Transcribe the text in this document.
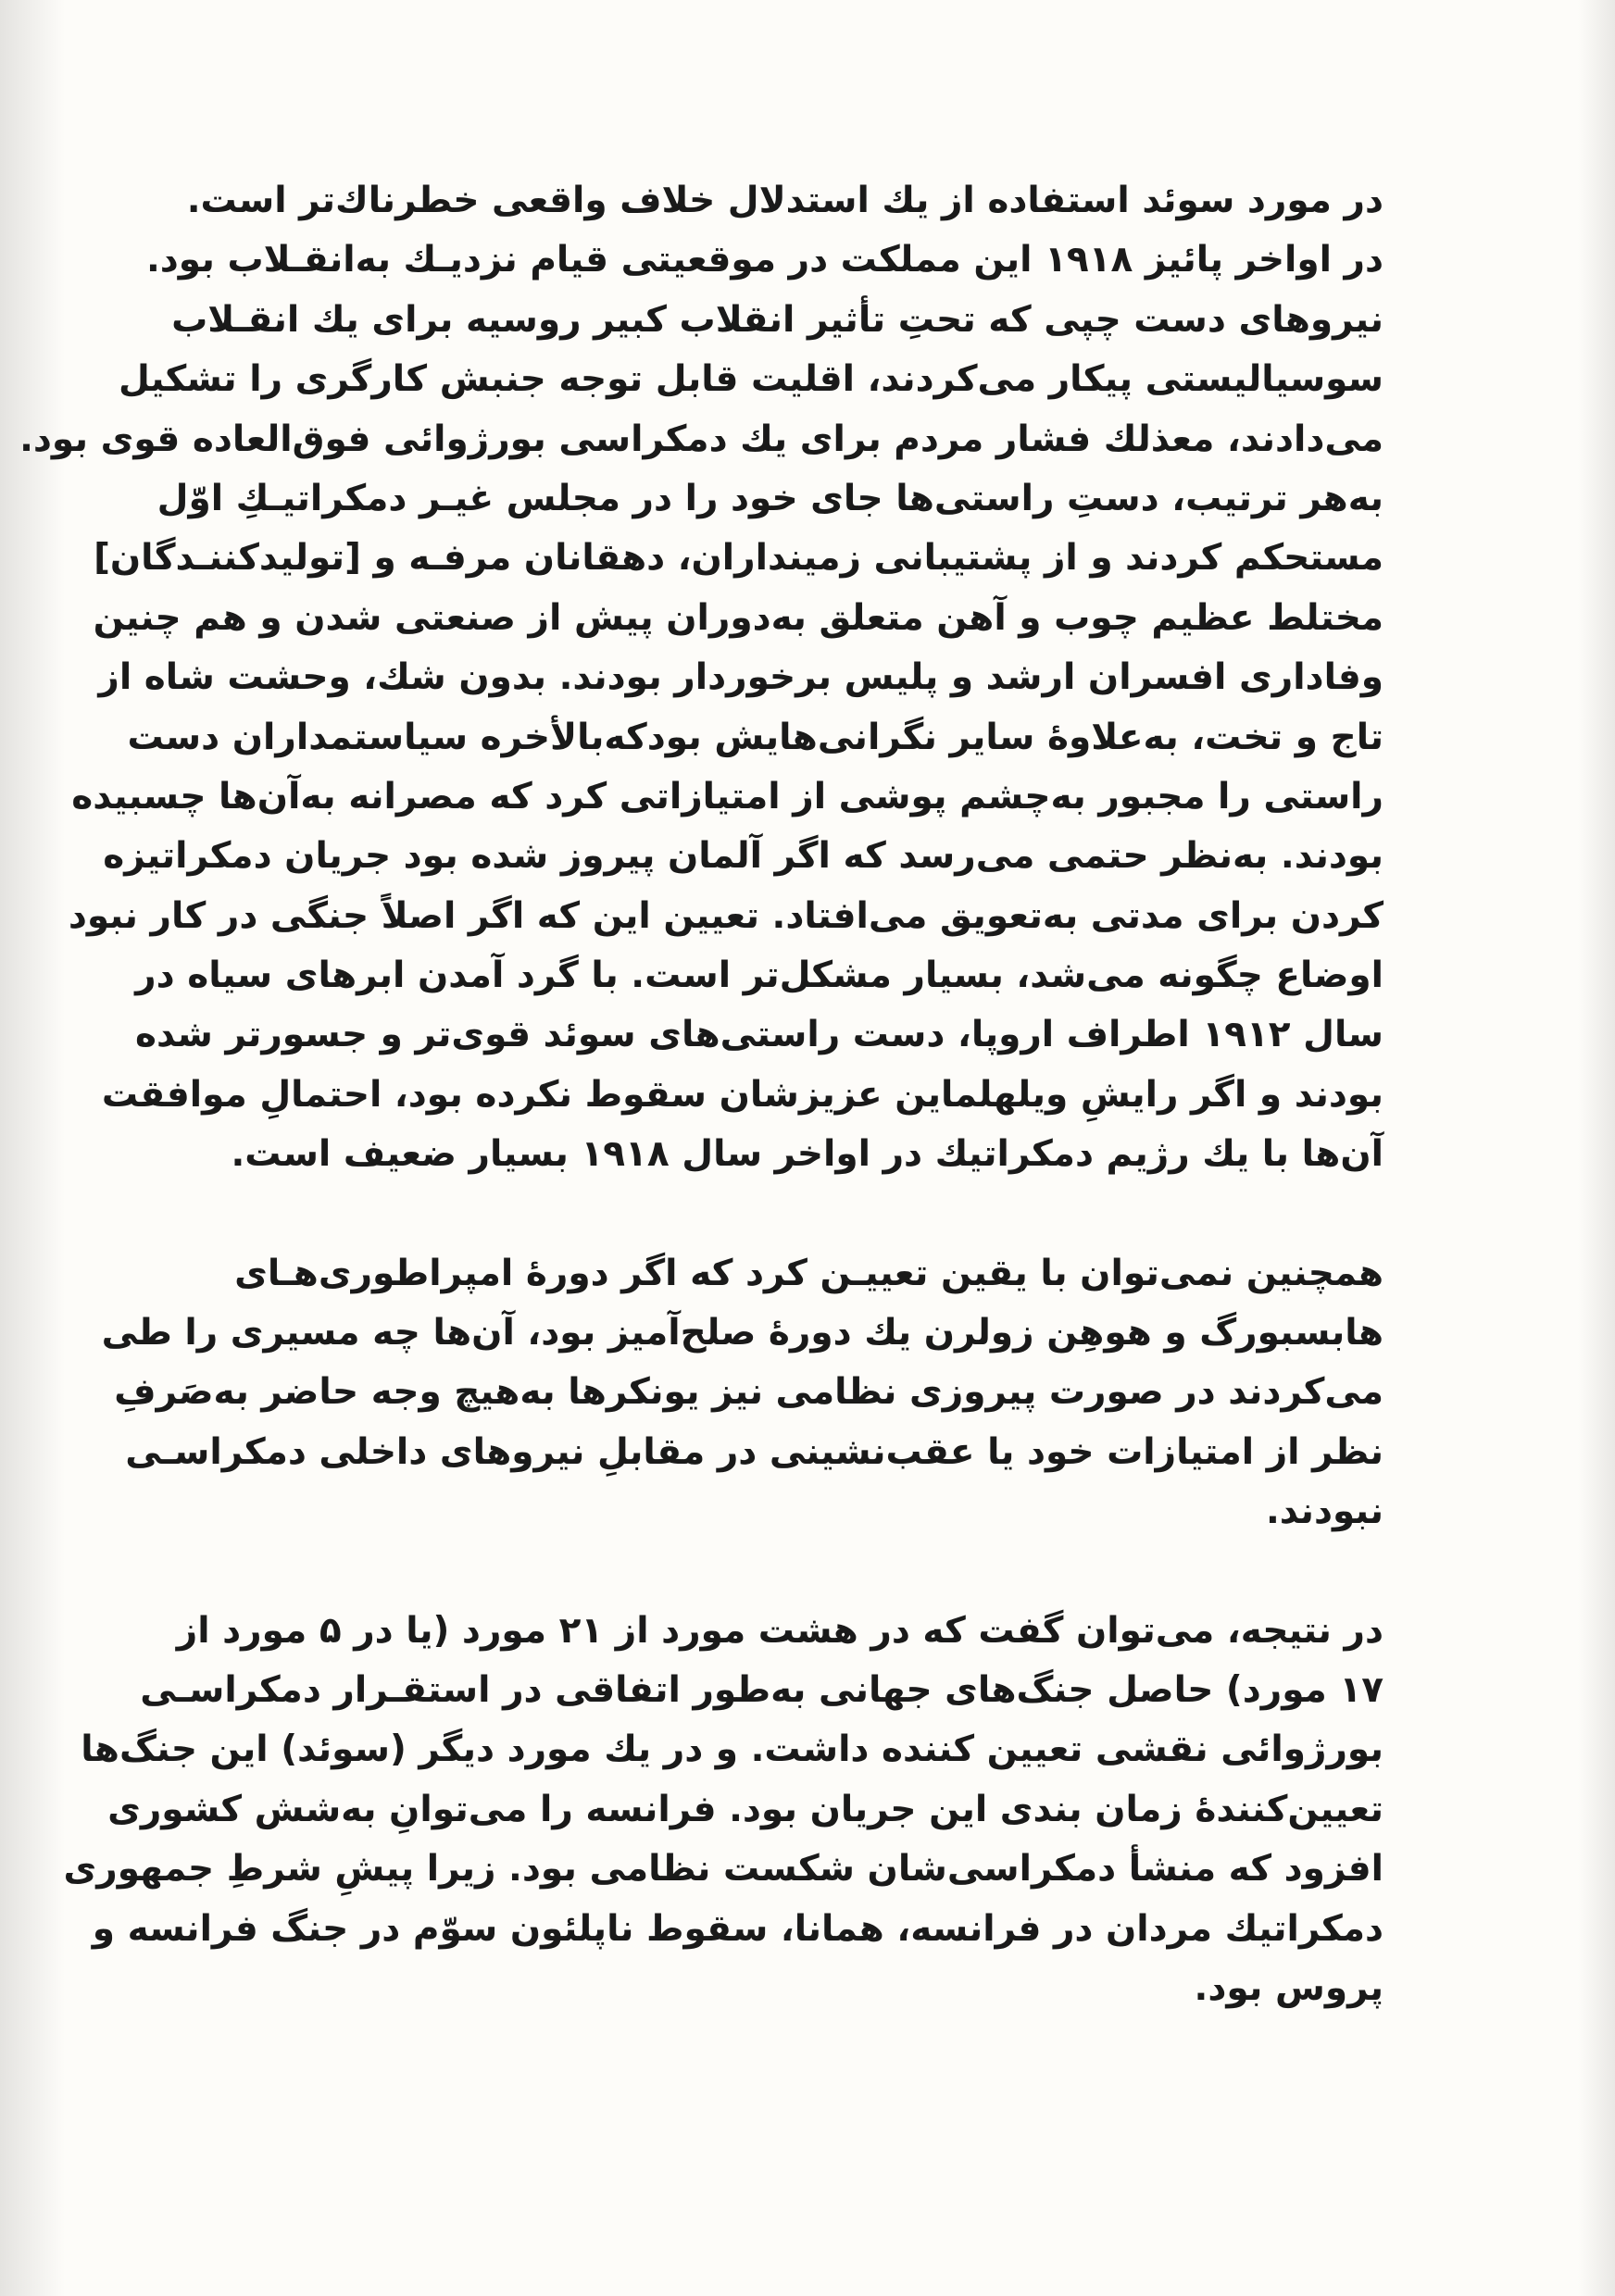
در مورد سوئد استفاده از یك استدلال خلاف واقعی خطرناك‌تر است.
در اواخر پائیز ۱۹۱۸ این مملکت در موقعیتی قیام نزدیـك به‌انقـلاب بود.
نیروهای دست چپی که تحتِ تأثیر انقلاب کبیر روسیه برای یك انقـلاب
سوسیالیستی پیکار می‌کردند، اقلیت قابل توجه جنبش کارگری را تشکیل
می‌دادند، معذلك فشار مردم برای یك دمکراسی بورژوائی فوق‌العاده قوی بود.
به‌هر ترتیب، دستِ راستی‌ها جای خود را در مجلس غیـر دمکراتیـكِ اوّل
مستحکم کردند و از پشتیبانی زمینداران، دهقانان مرفـه و [تولیدکننـدگان]
مختلط عظیم چوب و آهن متعلق به‌دوران پیش از صنعتی شدن و هم چنین
وفاداری افسران ارشد و پلیس برخوردار بودند. بدون شك، وحشت شاه از
تاج و تخت، به‌علاوهٔ سایر نگرانی‌هایش بودکه‌بالأخره سیاستمداران دست
راستی را مجبور به‌چشم پوشی از امتیازاتی کرد که مصرانه به‌آن‌ها چسبیده
بودند. به‌نظر حتمی می‌رسد که اگر آلمان پیروز شده بود جریان دمکراتیزه
کردن برای مدتی به‌تعویق می‌افتاد. تعیین این که اگر اصلاً جنگی در کار نبود
اوضاع چگونه می‌شد، بسیار مشکل‌تر است. با گرد آمدن ابرهای سیاه در
سال ۱۹۱۲ اطراف اروپا، دست راستی‌های سوئد قوی‌تر و جسورتر شده
بودند و اگر رایشِ ویلهلماین عزیزشان سقوط نکرده بود، احتمالِ موافقت
آن‌ها با یك رژیم دمکراتیك در اواخر سال ۱۹۱۸ بسیار ضعیف است.
همچنین نمی‌توان با یقین تعییـن کرد که اگر دورهٔ امپراطوری‌هـای
هابسبورگ و هوهِن زولرن یك دورهٔ صلح‌آمیز بود، آن‌ها چه مسیری را طی
می‌کردند در صورت پیروزی نظامی نیز یونکرها به‌هیچ وجه حاضر به‌صَرفِ
نظر از امتیازات خود یا عقب‌نشینی در مقابلِ نیروهای داخلی دمکراسـی
نبودند.
در نتیجه، می‌توان گفت که در هشت مورد از ۲۱ مورد (یا در ۵ مورد از
۱۷ مورد) حاصل جنگ‌های جهانی به‌طور اتفاقی در استقـرار دمکراسـی
بورژوائی نقشی تعیین کننده داشت. و در یك مورد دیگر (سوئد) این جنگ‌ها
تعیین‌کنندهٔ زمان بندی این جریان بود. فرانسه را می‌توانِ به‌شش کشوری
افزود که منشأ دمکراسی‌شان شکست نظامی بود. زیرا پیشِ شرطِ جمهوری
دمکراتیك مردان در فرانسه، همانا، سقوط ناپلئون سوّم در جنگ فرانسه و
پروس بود.
